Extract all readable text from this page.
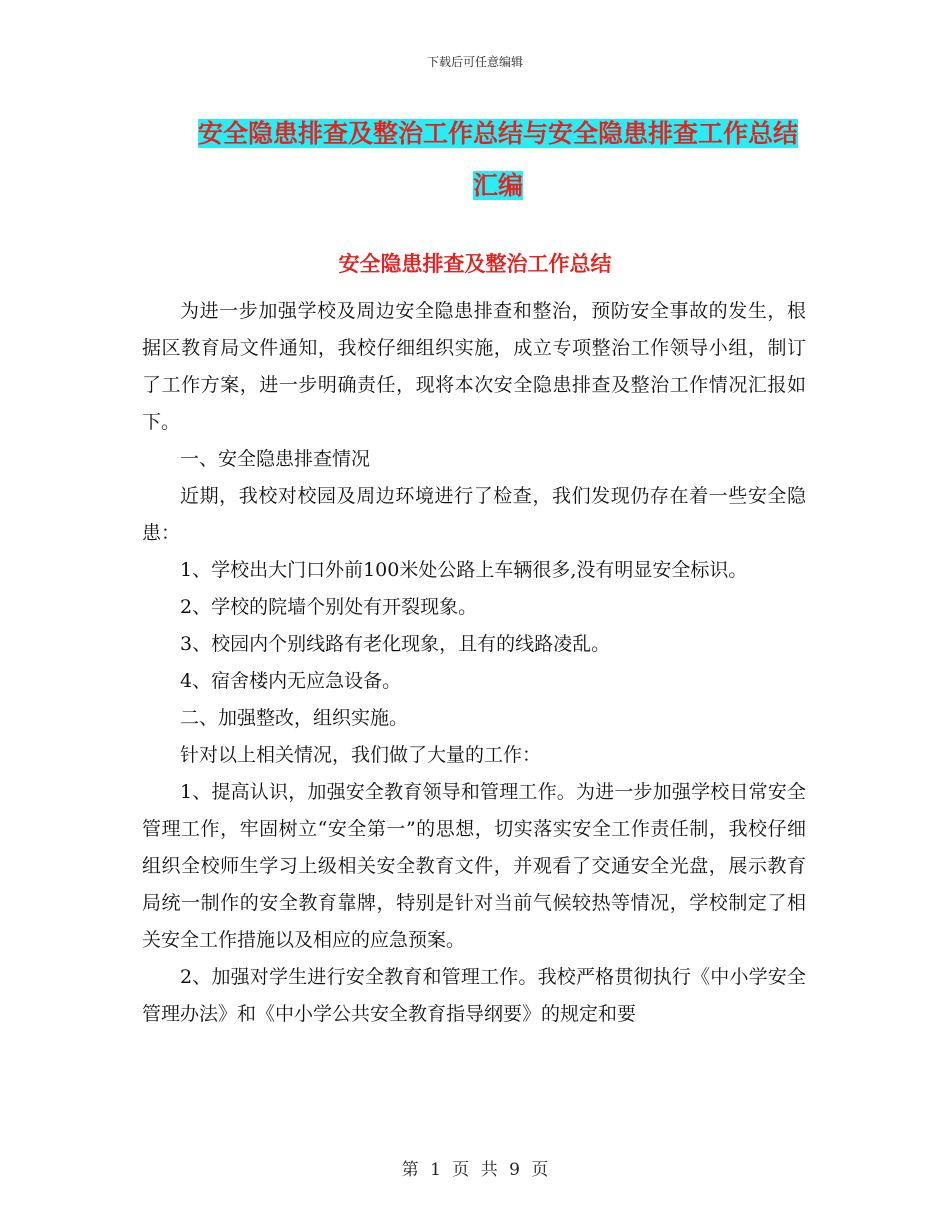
下载后可任意编辑
安全隐患排查及整治工作总结与安全隐患排查工作总结汇编
安全隐患排查及整治工作总结

为进一步加强学校及周边安全隐患排查和整治，预防安全事故的发生，根据区教育局文件通知，我校仔细组织实施，成立专项整治工作领导小组，制订了工作方案，进一步明确责任，现将本次安全隐患排查及整治工作情况汇报如下。

一、安全隐患排查情况

近期，我校对校园及周边环境进行了检查，我们发现仍存在着一些安全隐患：

1、学校出大门口外前100米处公路上车辆很多,没有明显安全标识。

2、学校的院墙个别处有开裂现象。

3、校园内个别线路有老化现象，且有的线路凌乱。

4、宿舍楼内无应急设备。

二、加强整改，组织实施。

针对以上相关情况，我们做了大量的工作：

1、提高认识，加强安全教育领导和管理工作。为进一步加强学校日常安全管理工作，牢固树立“安全第一”的思想，切实落实安全工作责任制，我校仔细组织全校师生学习上级相关安全教育文件，并观看了交通安全光盘，展示教育局统一制作的安全教育靠牌，特别是针对当前气候较热等情况，学校制定了相关安全工作措施以及相应的应急预案。

2、加强对学生进行安全教育和管理工作。我校严格贯彻执行《中小学安全管理办法》和《中小学公共安全教育指导纲要》的规定和要

第 1 页 共 9 页
